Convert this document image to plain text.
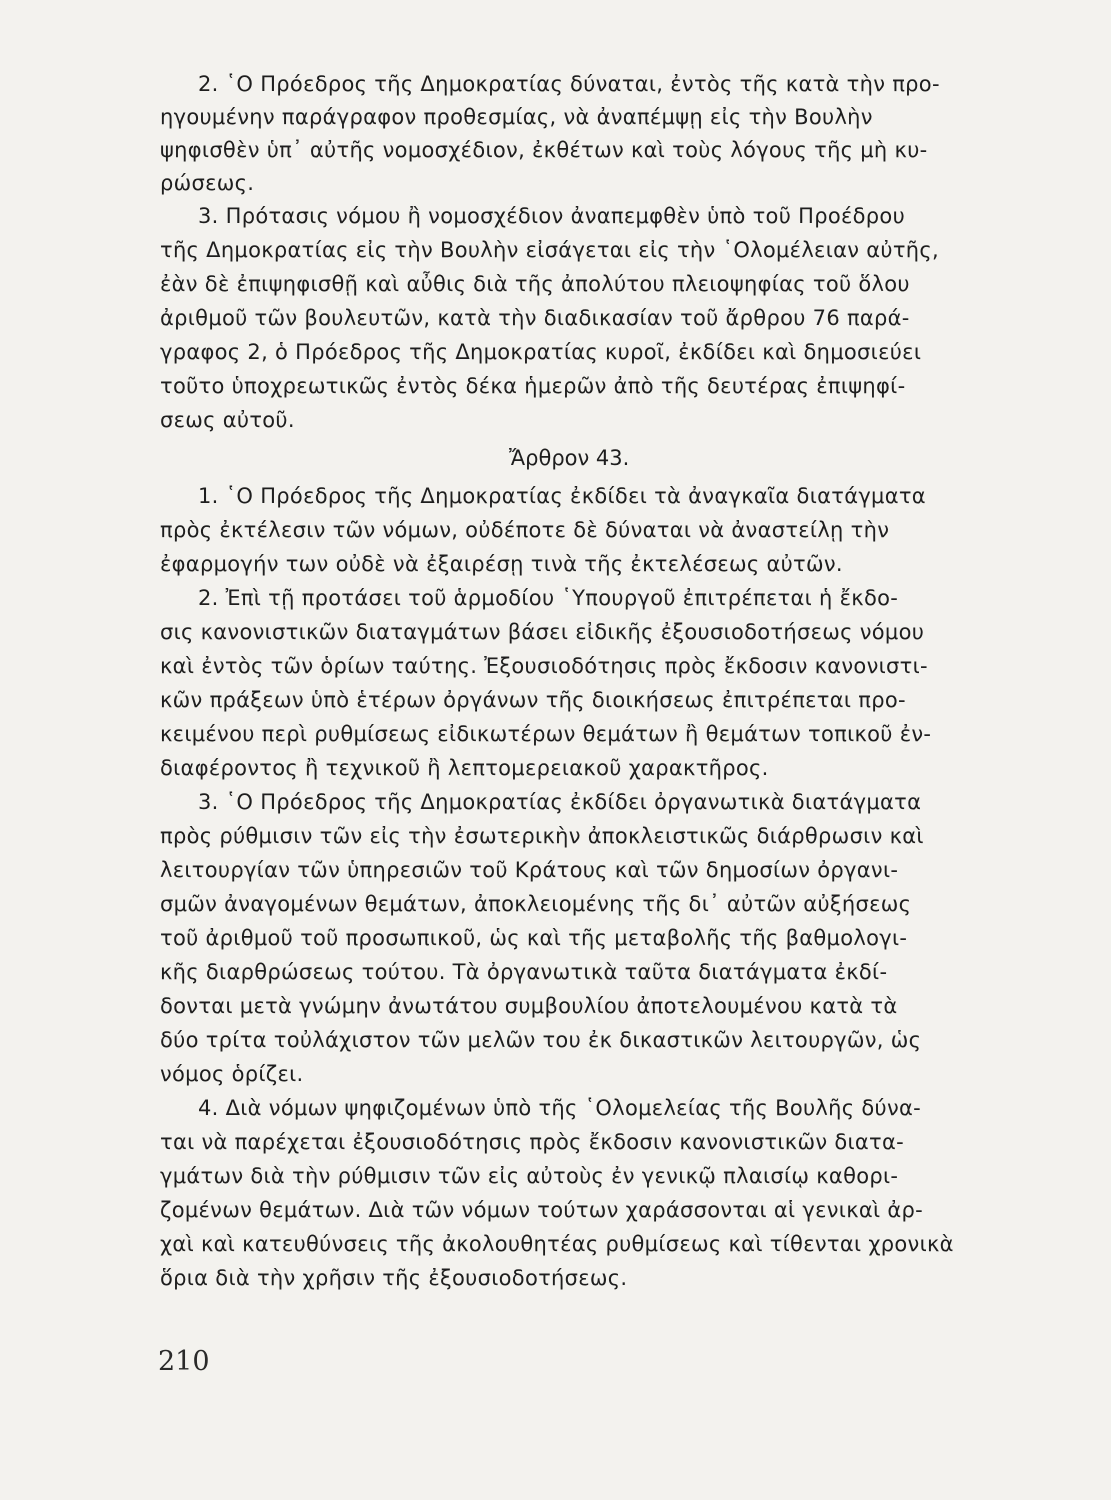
2. ῾Ο Πρόεδρος τῆς Δημοκρατίας δύναται, ἐντὸς τῆς κατὰ τὴν προ-
ηγουμένην παράγραφον προθεσμίας, νὰ ἀναπέμψῃ εἰς τὴν Βουλὴν
ψηφισθὲν ὑπ᾿ αὐτῆς νομοσχέδιον, ἐκθέτων καὶ τοὺς λόγους τῆς μὴ κυ-
ρώσεως.
3. Πρότασις νόμου ἢ νομοσχέδιον ἀναπεμφθὲν ὑπὸ τοῦ Προέδρου
τῆς Δημοκρατίας εἰς τὴν Βουλὴν εἰσάγεται εἰς τὴν ῾Ολομέλειαν αὐτῆς,
ἐὰν δὲ ἐπιψηφισθῇ καὶ αὖθις διὰ τῆς ἀπολύτου πλειοψηφίας τοῦ ὅλου
ἀριθμοῦ τῶν βουλευτῶν, κατὰ τὴν διαδικασίαν τοῦ ἄρθρου 76 παρά-
γραφος 2, ὁ Πρόεδρος τῆς Δημοκρατίας κυροῖ, ἐκδίδει καὶ δημοσιεύει
τοῦτο ὑποχρεωτικῶς ἐντὸς δέκα ἡμερῶν ἀπὸ τῆς δευτέρας ἐπιψηφί-
σεως αὐτοῦ.
Ἄρθρον 43.
1. ῾Ο Πρόεδρος τῆς Δημοκρατίας ἐκδίδει τὰ ἀναγκαῖα διατάγματα
πρὸς ἐκτέλεσιν τῶν νόμων, οὐδέποτε δὲ δύναται νὰ ἀναστείλῃ τὴν
ἐφαρμογήν των οὐδὲ νὰ ἐξαιρέσῃ τινὰ τῆς ἐκτελέσεως αὐτῶν.
2. Ἐπὶ τῇ προτάσει τοῦ ἁρμοδίου ῾Υπουργοῦ ἐπιτρέπεται ἡ ἔκδο-
σις κανονιστικῶν διαταγμάτων βάσει εἰδικῆς ἐξουσιοδοτήσεως νόμου
καὶ ἐντὸς τῶν ὁρίων ταύτης. Ἐξουσιοδότησις πρὸς ἔκδοσιν κανονιστι-
κῶν πράξεων ὑπὸ ἑτέρων ὀργάνων τῆς διοικήσεως ἐπιτρέπεται προ-
κειμένου περὶ ρυθμίσεως εἰδικωτέρων θεμάτων ἢ θεμάτων τοπικοῦ ἐν-
διαφέροντος ἢ τεχνικοῦ ἢ λεπτομερειακοῦ χαρακτῆρος.
3. ῾Ο Πρόεδρος τῆς Δημοκρατίας ἐκδίδει ὀργανωτικὰ διατάγματα
πρὸς ρύθμισιν τῶν εἰς τὴν ἐσωτερικὴν ἀποκλειστικῶς διάρθρωσιν καὶ
λειτουργίαν τῶν ὑπηρεσιῶν τοῦ Κράτους καὶ τῶν δημοσίων ὀργανι-
σμῶν ἀναγομένων θεμάτων, ἀποκλειομένης τῆς δι᾿ αὐτῶν αὐξήσεως
τοῦ ἀριθμοῦ τοῦ προσωπικοῦ, ὡς καὶ τῆς μεταβολῆς τῆς βαθμολογι-
κῆς διαρθρώσεως τούτου. Τὰ ὀργανωτικὰ ταῦτα διατάγματα ἐκδί-
δονται μετὰ γνώμην ἀνωτάτου συμβουλίου ἀποτελουμένου κατὰ τὰ
δύο τρίτα τοὐλάχιστον τῶν μελῶν του ἐκ δικαστικῶν λειτουργῶν, ὡς
νόμος ὁρίζει.
4. Διὰ νόμων ψηφιζομένων ὑπὸ τῆς ῾Ολομελείας τῆς Βουλῆς δύνα-
ται νὰ παρέχεται ἐξουσιοδότησις πρὸς ἔκδοσιν κανονιστικῶν διατα-
γμάτων διὰ τὴν ρύθμισιν τῶν εἰς αὐτοὺς ἐν γενικῷ πλαισίῳ καθορι-
ζομένων θεμάτων. Διὰ τῶν νόμων τούτων χαράσσονται αἱ γενικαὶ ἀρ-
χαὶ καὶ κατευθύνσεις τῆς ἀκολουθητέας ρυθμίσεως καὶ τίθενται χρονικὰ
ὅρια διὰ τὴν χρῆσιν τῆς ἐξουσιοδοτήσεως.
210
